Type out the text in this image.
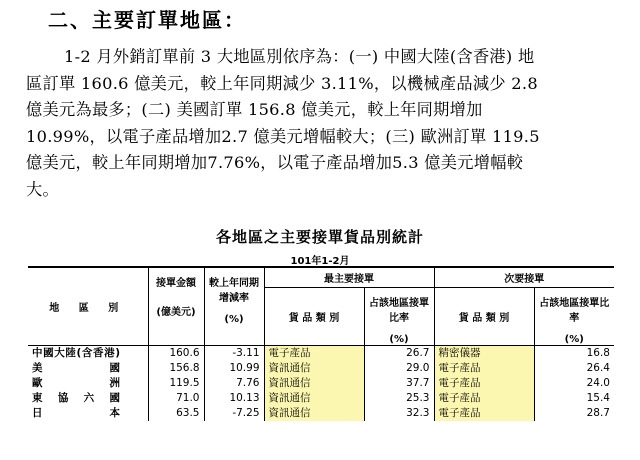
二、主要訂單地區：
1-2 月外銷訂單前 3 大地區別依序為：(一) 中國大陸(含香港) 地
區訂單 160.6 億美元，較上年同期減少 3.11%，以機械產品減少 2.8
億美元為最多；(二) 美國訂單 156.8 億美元，較上年同期增加
10.99%，以電子產品增加2.7 億美元增幅較大；(三) 歐洲訂單 119.5
億美元，較上年同期增加7.76%，以電子產品增加5.3 億美元增幅較
大。
各地區之主要接單貨品別統計
101年1-2月
地 區 別	接單金額
(億美元)	較上年同期增減率
(%)	最主要接單		次要接單	
			貨 品 類 別	占該地區接單比率
(%)	貨 品 類 別	占該地區接單比率
(%)

中國大陸(含香港)	160.6	-3.11	電子產品	26.7	精密儀器	16.8
美國	156.8	10.99	資訊通信	29.0	電子產品	26.4
歐洲	119.5	7.76	資訊通信	37.7	電子產品	24.0
東協六國	71.0	10.13	資訊通信	25.3	電子產品	15.4
日本	63.5	-7.25	資訊通信	32.3	電子產品	28.7
